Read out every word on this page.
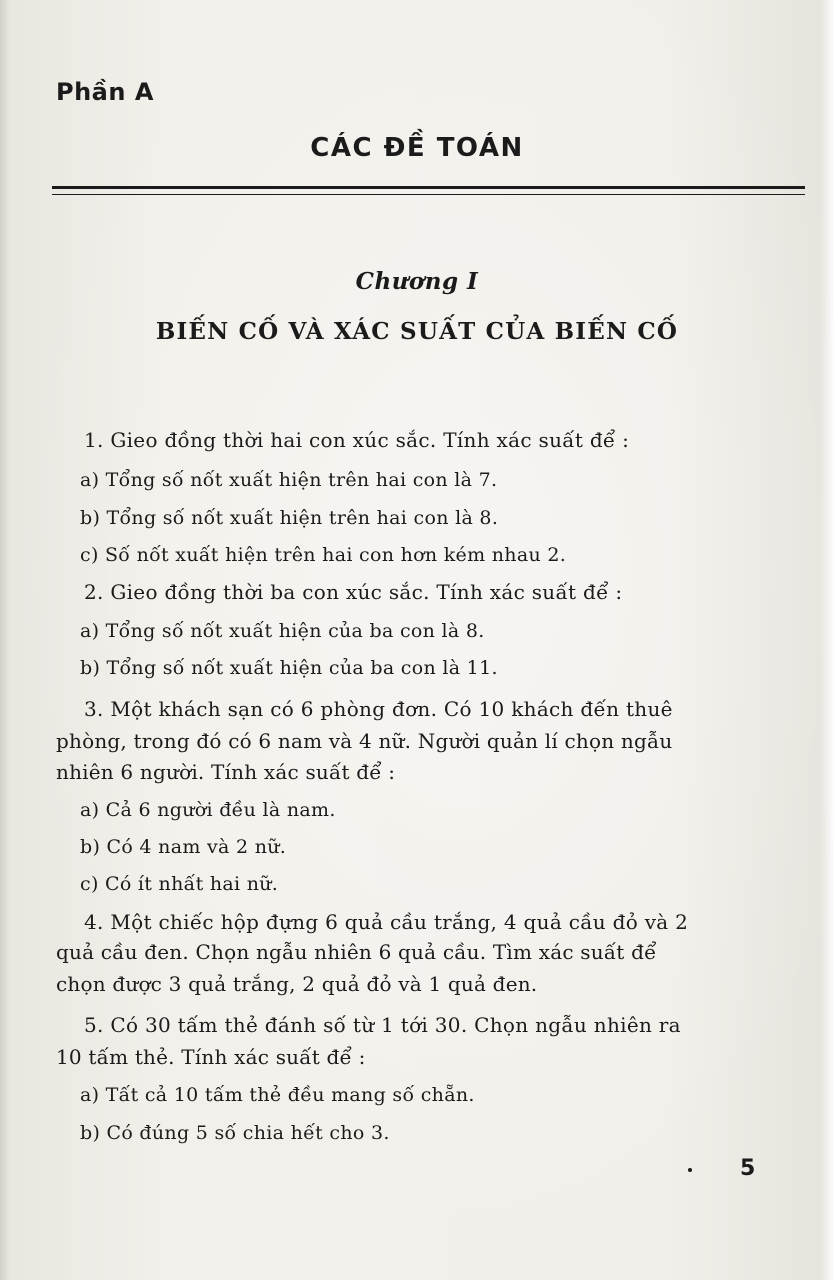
Phần A
CÁC ĐỀ TOÁN
Chương I
BIẾN CỐ VÀ XÁC SUẤT CỦA BIẾN CỐ
1. Gieo đồng thời hai con xúc sắc. Tính xác suất để :
a) Tổng số nốt xuất hiện trên hai con là 7.
b) Tổng số nốt xuất hiện trên hai con là 8.
c) Số nốt xuất hiện trên hai con hơn kém nhau 2.
2. Gieo đồng thời ba con xúc sắc. Tính xác suất để :
a) Tổng số nốt xuất hiện của ba con là 8.
b) Tổng số nốt xuất hiện của ba con là 11.
3. Một khách sạn có 6 phòng đơn. Có 10 khách đến thuê
phòng, trong đó có 6 nam và 4 nữ. Người quản lí chọn ngẫu
nhiên 6 người. Tính xác suất để :
a) Cả 6 người đều là nam.
b) Có 4 nam và 2 nữ.
c) Có ít nhất hai nữ.
4. Một chiếc hộp đựng 6 quả cầu trắng, 4 quả cầu đỏ và 2
quả cầu đen. Chọn ngẫu nhiên 6 quả cầu. Tìm xác suất để
chọn được 3 quả trắng, 2 quả đỏ và 1 quả đen.
5. Có 30 tấm thẻ đánh số từ 1 tới 30. Chọn ngẫu nhiên ra
10 tấm thẻ. Tính xác suất để :
a) Tất cả 10 tấm thẻ đều mang số chẵn.
b) Có đúng 5 số chia hết cho 3.
5
